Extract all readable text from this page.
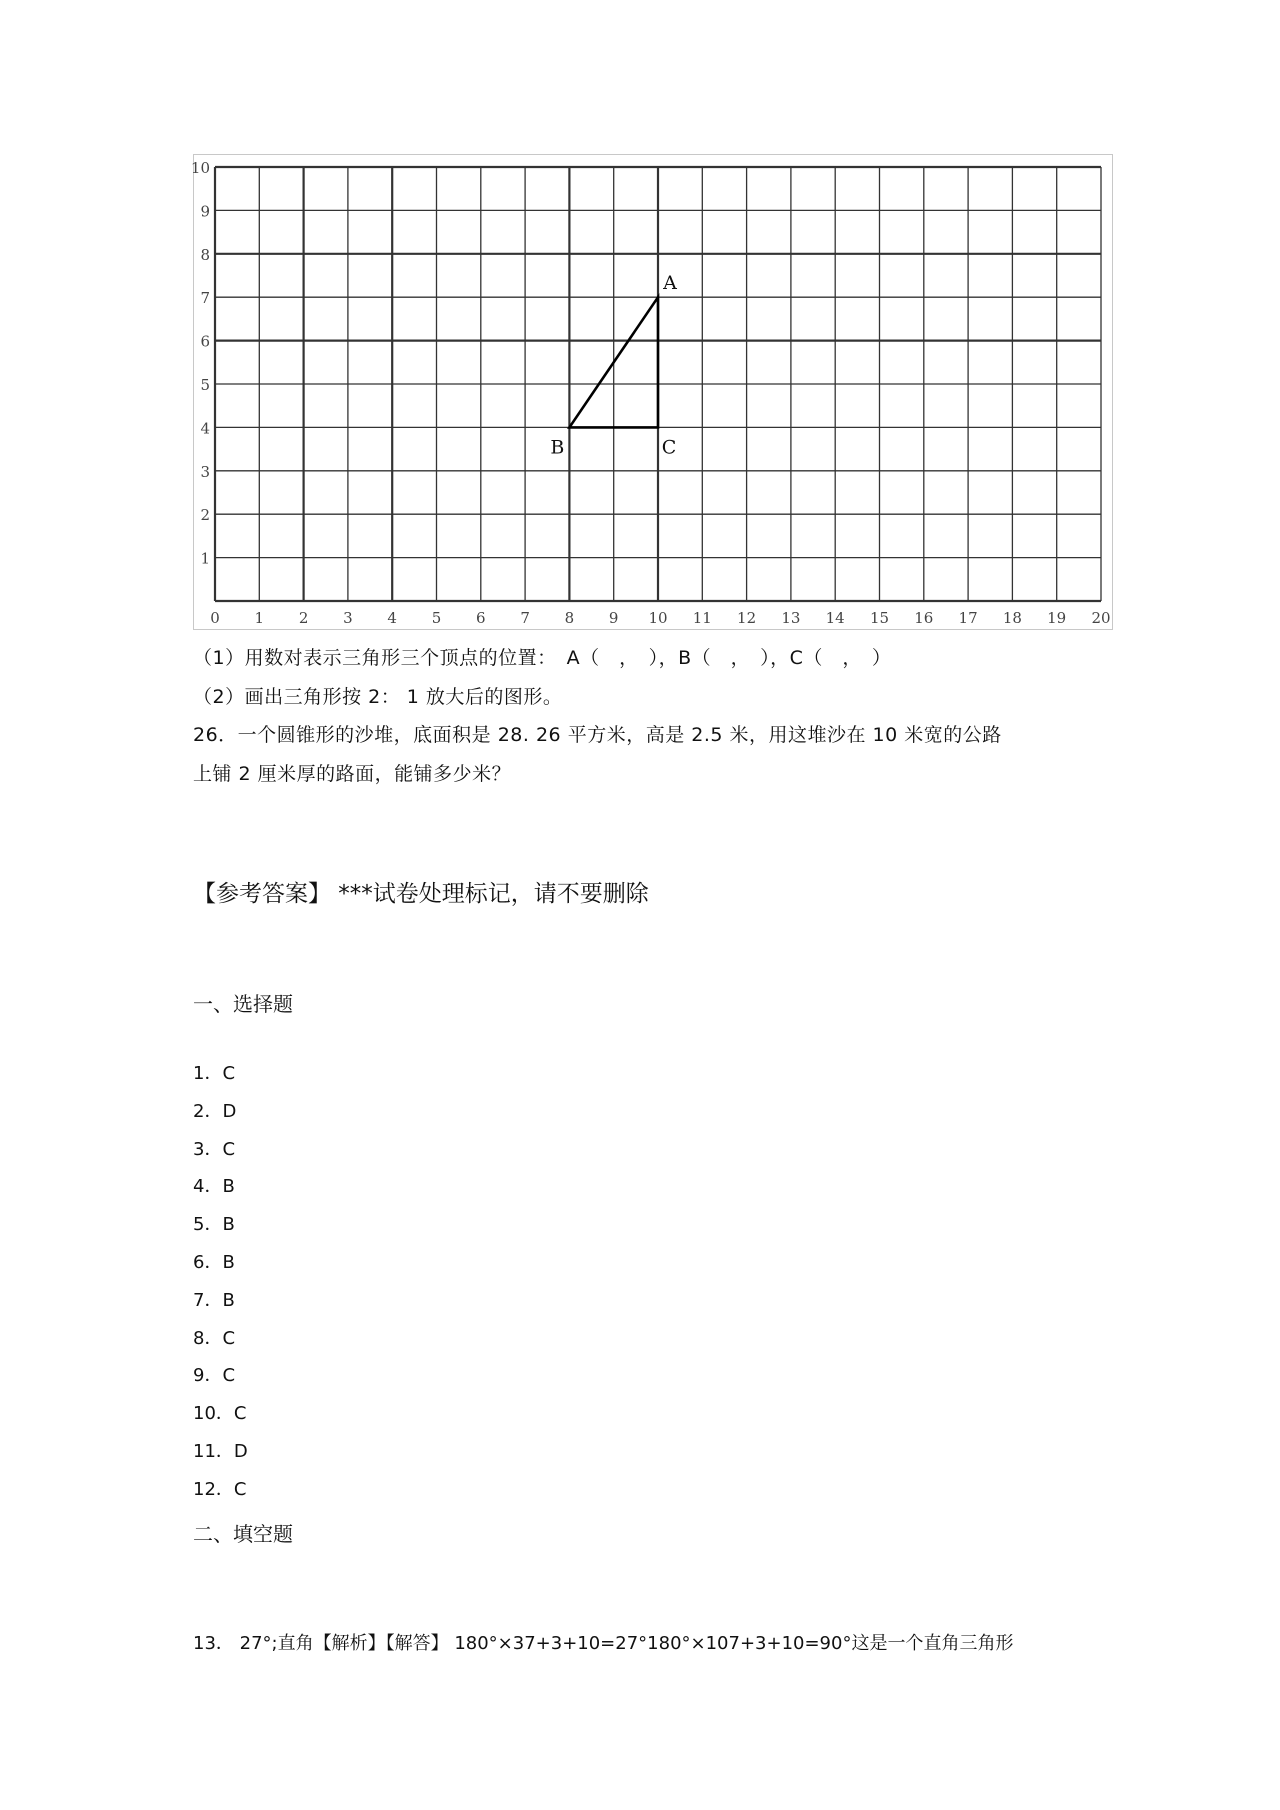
0 1 2 3 4 5 6 7 8 9 10 11 12 13 14 15 16 17 18 19 20
1
2
3
4
5
6
7
8
9
10
A
B	C
（1）用数对表示三角形三个顶点的位置：　A（　，　），B（　，　），C（　，　）
（2）画出三角形按 2： 1 放大后的图形。
26．一个圆锥形的沙堆，底面积是 28. 26 平方米，高是 2.5 米，用这堆沙在 10 米宽的公路
上铺 2 厘米厚的路面，能铺多少米？
【参考答案】 ***试卷处理标记，请不要删除
一、选择题
1．C
2．D
3．C
4．B
5．B
6．B
7．B
8．C
9．C
10．C
11．D
12．C
二、填空题
13． 27°;直角【解析】【解答】 180°×37+3+10=27°180°×107+3+10=90°这是一个直角三角形
